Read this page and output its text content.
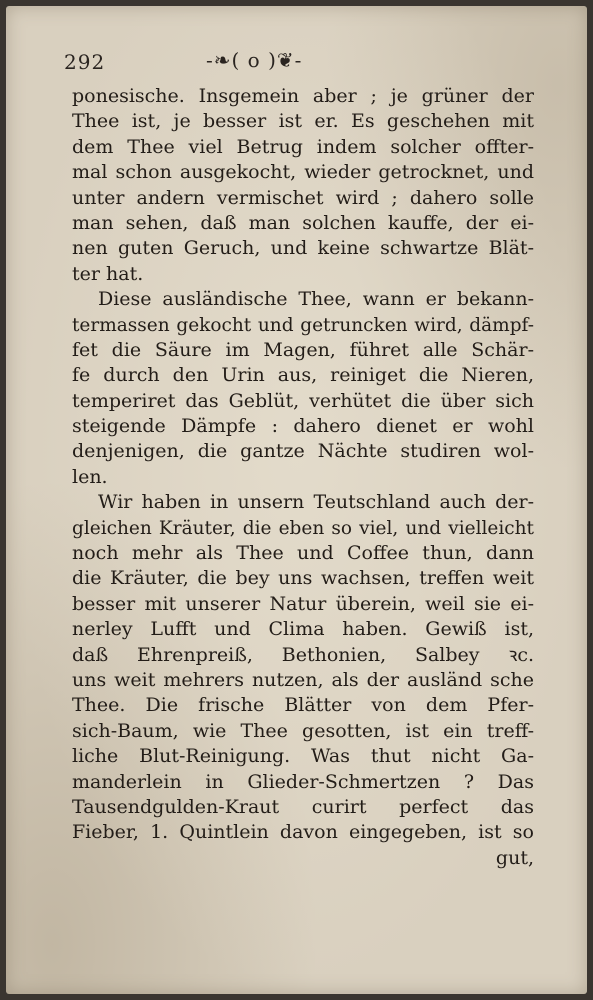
292	-❧( o )❦-
ponesische. Insgemein aber ; je grüner der
Thee ist, je besser ist er. Es geschehen mit
dem Thee viel Betrug indem solcher offter-
mal schon ausgekocht, wieder getrocknet, und
unter andern vermischet wird ; dahero solle
man sehen, daß man solchen kauffe, der ei-
nen guten Geruch, und keine schwartze Blät-
ter hat.
Diese ausländische Thee, wann er bekann-
termassen gekocht und getruncken wird, dämpf-
fet die Säure im Magen, führet alle Schär-
fe durch den Urin aus, reiniget die Nieren,
temperiret das Geblüt, verhütet die über sich
steigende Dämpfe : dahero dienet er wohl
denjenigen, die gantze Nächte studiren wol-
len.
Wir haben in unsern Teutschland auch der-
gleichen Kräuter, die eben so viel, und vielleicht
noch mehr als Thee und Coffee thun, dann
die Kräuter, die bey uns wachsen, treffen weit
besser mit unserer Natur überein, weil sie ei-
nerley Lufft und Clima haben. Gewiß ist,
daß Ehrenpreiß, Bethonien, Salbey ꝛc.
uns weit mehrers nutzen, als der ausländ sche
Thee. Die frische Blätter von dem Pfer-
sich-Baum, wie Thee gesotten, ist ein treff-
liche Blut-Reinigung. Was thut nicht Ga-
manderlein in Glieder-Schmertzen ? Das
Tausendgulden-Kraut curirt perfect das
Fieber, 1. Quintlein davon eingegeben, ist so
gut,
